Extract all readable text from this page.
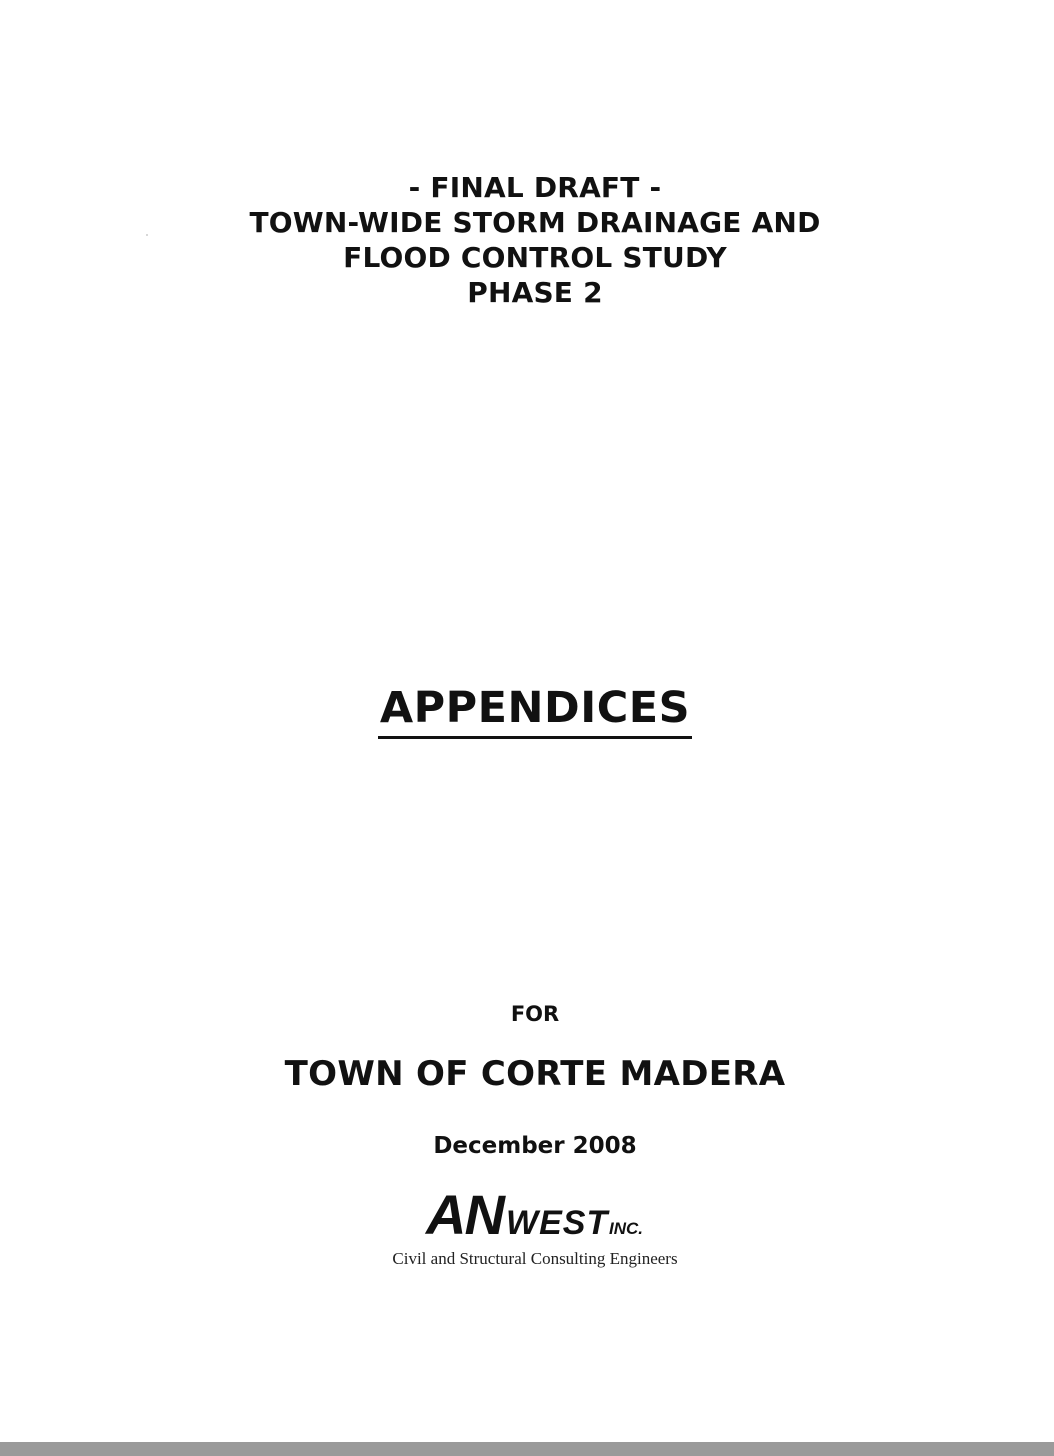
- FINAL DRAFT -
TOWN-WIDE STORM DRAINAGE AND
FLOOD CONTROL STUDY
PHASE 2
APPENDICES
FOR
TOWN OF CORTE MADERA
December 2008
AN WEST INC.
Civil and Structural Consulting Engineers
